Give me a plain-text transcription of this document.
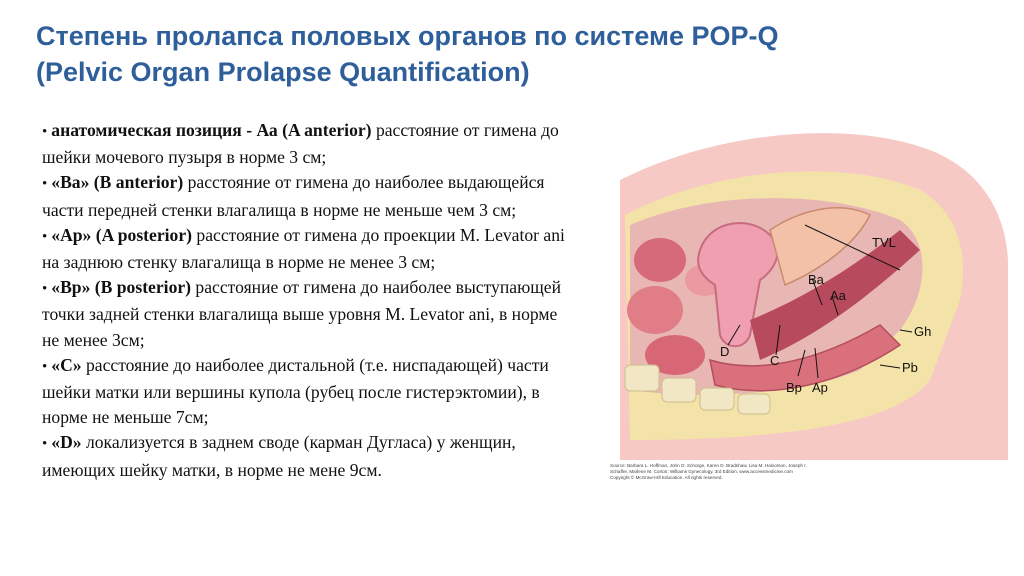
Степень пролапса половых органов по системе POP-Q
(Pelvic Organ Prolapse Quantification)

• анатомическая позиция - Аа (A anterior) расстояние от гимена до шейки мочевого пузыря в норме 3 см;

• «Ва» (B anterior) расстояние от гимена до наиболее выдающейся части передней стенки влагалища в норме не меньше чем 3 см;

• «Ар» (A posterior) расстояние от гимена до проекции M. Levator ani на заднюю стенку влагалища в норме не менее 3 см;

• «Вр» (B posterior) расстояние от гимена до наиболее выступающей точки задней стенки влагалища выше уровня M. Levator ani, в норме не менее 3см;

• «С» расстояние до наиболее дистальной (т.е. ниспадающей) части шейки матки или вершины купола (рубец после гистерэктомии), в норме не меньше 7см;

• «D» локализуется в заднем своде (карман Дугласа) у женщин, имеющих шейку матки, в норме не мене 9см.

TVL
Ba
Aa
Gh
Pb
D
C
Bp Ap
Source: Barbara L. Hoffman, John O. Schorge, Karen D. Bradshaw, Lisa M. Halvorson, Joseph I.
Schaffer, Marlene M. Corton: Williams Gynecology, 3rd Edition: www.accessmedicine.com
Copyright © McGraw-Hill Education. All rights reserved.
